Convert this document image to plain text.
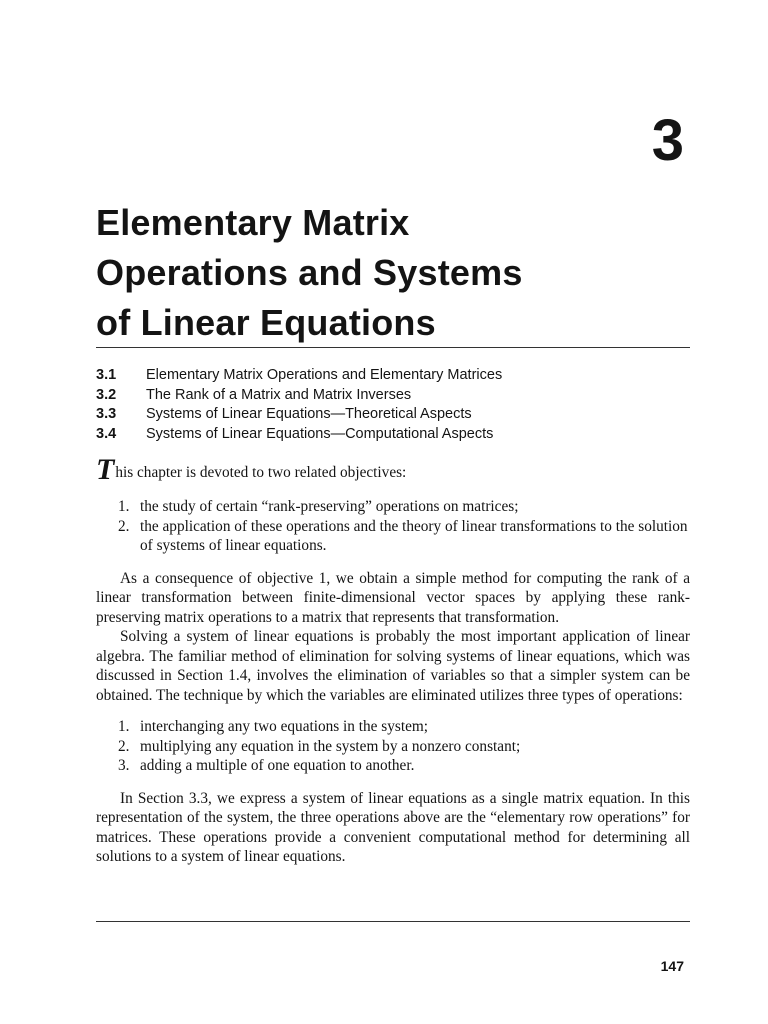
3
Elementary Matrix
Operations and Systems
of Linear Equations
3.1 Elementary Matrix Operations and Elementary Matrices
3.2 The Rank of a Matrix and Matrix Inverses
3.3 Systems of Linear Equations—Theoretical Aspects
3.4 Systems of Linear Equations—Computational Aspects

This chapter is devoted to two related objectives:

1. the study of certain “rank-preserving” operations on matrices;
2. the application of these operations and the theory of linear transformations to the solution of systems of linear equations.

As a consequence of objective 1, we obtain a simple method for computing the rank of a linear transformation between finite-dimensional vector spaces by applying these rank-preserving matrix operations to a matrix that represents that transformation.

Solving a system of linear equations is probably the most important application of linear algebra. The familiar method of elimination for solving systems of linear equations, which was discussed in Section 1.4, involves the elimination of variables so that a simpler system can be obtained. The technique by which the variables are eliminated utilizes three types of operations:

1. interchanging any two equations in the system;
2. multiplying any equation in the system by a nonzero constant;
3. adding a multiple of one equation to another.

In Section 3.3, we express a system of linear equations as a single matrix equation. In this representation of the system, the three operations above are the “elementary row operations” for matrices. These operations provide a convenient computational method for determining all solutions to a system of linear equations.

147
